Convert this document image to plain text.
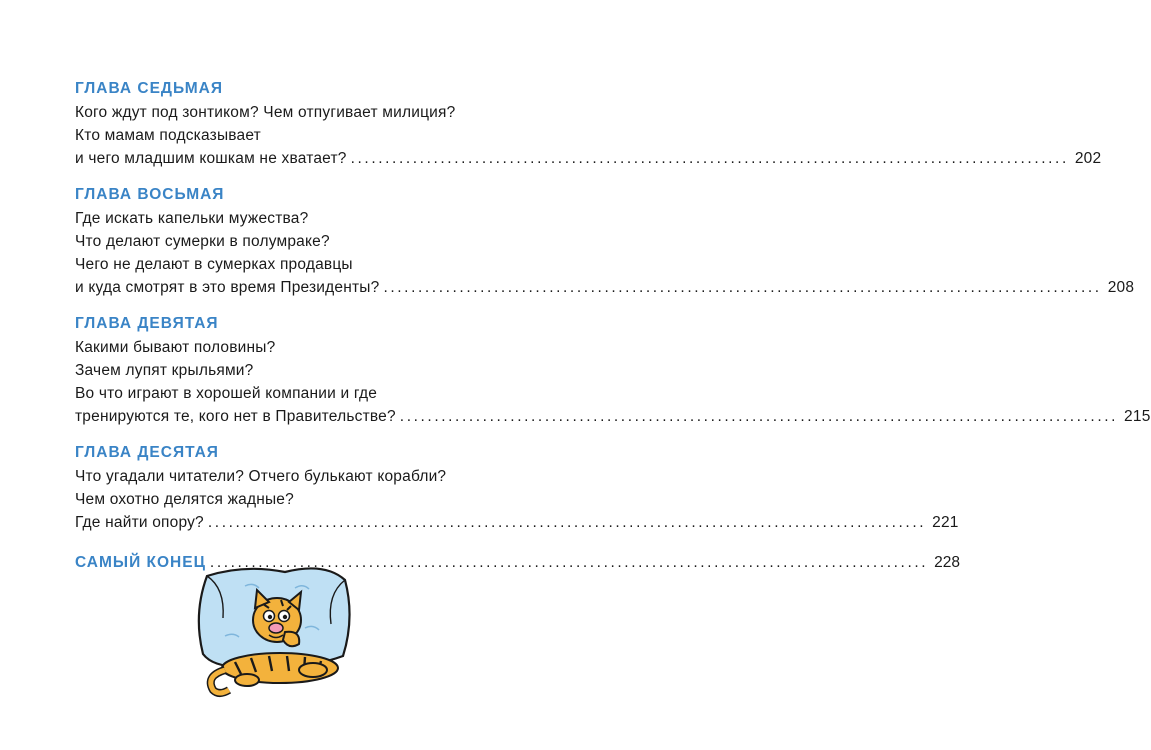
ГЛАВА СЕДЬМАЯ
Кого ждут под зонтиком? Чем отпугивает милиция?
Кто мамам подсказывает
и чего младшим кошкам не хватает? ........................................................................................................ 202
ГЛАВА ВОСЬМАЯ
Где искать капельки мужества?
Что делают сумерки в полумраке?
Чего не делают в сумерках продавцы
и куда смотрят в это время Президенты? ........................................................................................................ 208
ГЛАВА ДЕВЯТАЯ
Какими бывают половины?
Зачем лупят крыльями?
Во что играют в хорошей компании и где
тренируются те, кого нет в Правительстве? ........................................................................................................ 215
ГЛАВА ДЕСЯТАЯ
Что угадали читатели? Отчего булькают корабли?
Чем охотно делятся жадные?
Где найти опору? ........................................................................................................ 221
САМЫЙ КОНЕЦ ........................................................................................................ 228
